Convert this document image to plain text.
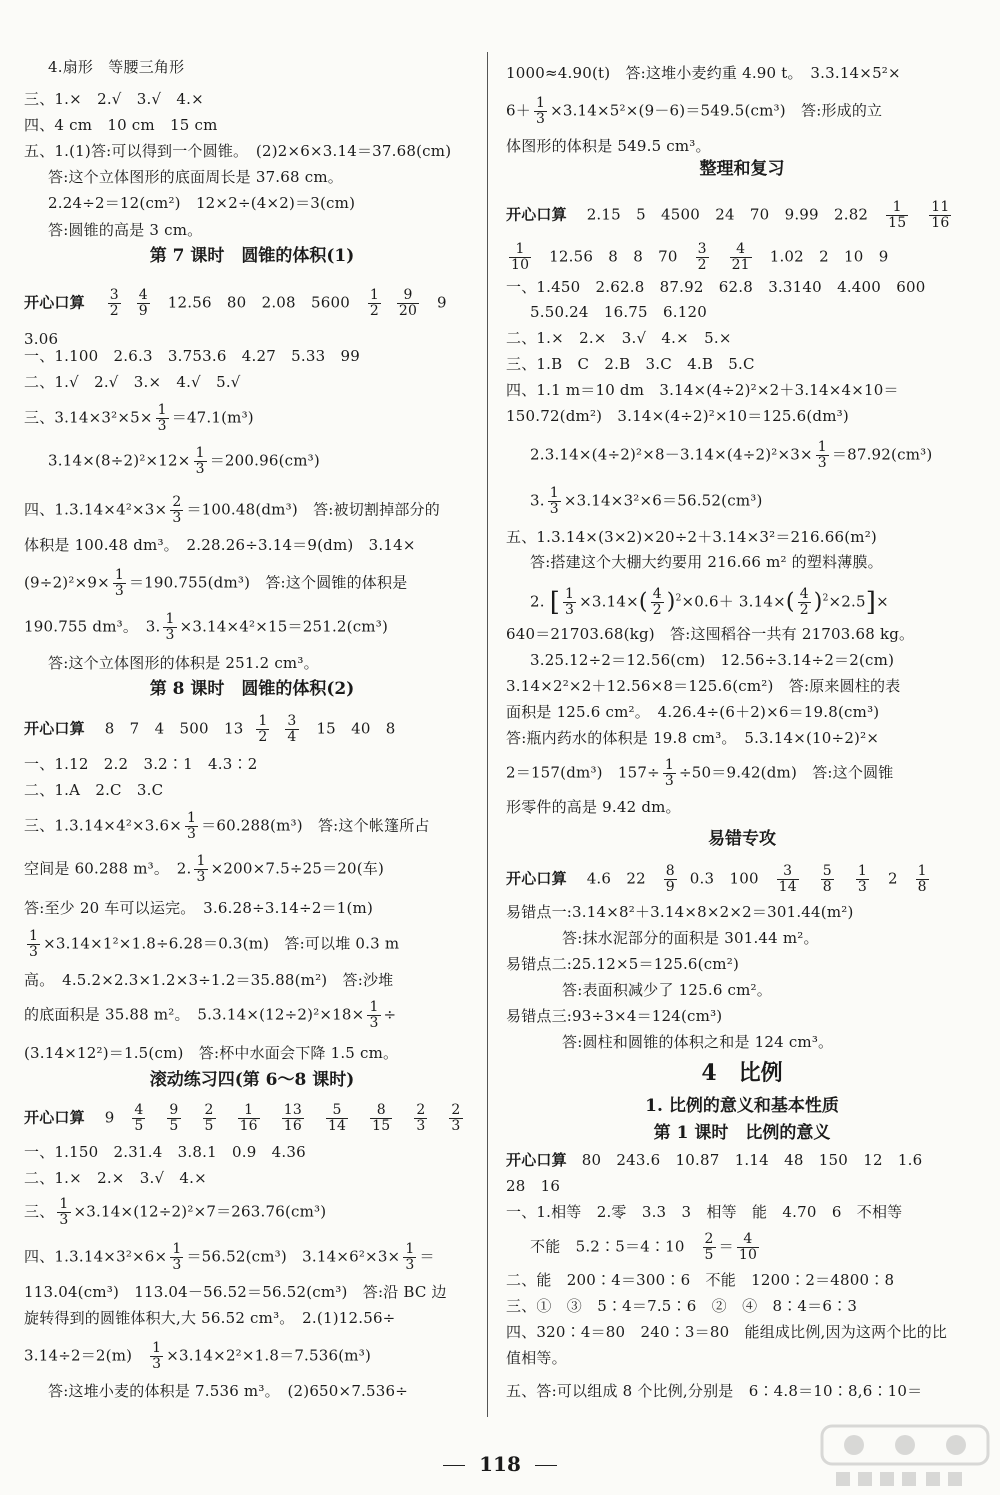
4.扇形　等腰三角形
三、1.×　2.√　3.√　4.×
四、4 cm　10 cm　15 cm
五、1.(1)答:可以得到一个圆锥。　(2)2×6×3.14＝37.68(cm)
答:这个立体图形的底面周长是 37.68 cm。
2.24÷2＝12(cm²)　12×2÷(4×2)＝3(cm)
答:圆锥的高是 3 cm。
第 7 课时　圆锥的体积(1)
开心口算 $\frac{3}{2}$
$\frac{4}{9} 12.56$　80　2.08　$5600 \frac{1}{2}$
$\frac{9}{20} 9$
3.06
一、1.100　2.6.3　3.753.6　4.27　5.33　99
二、1.√　2.√　3.×　4.√　5.√
三、$3.14\times 3^2\times 5\times \frac{1}{3} =47.1(m^3)$
$3.14\times(8\div 2)^2\times 12\times \frac{1}{3} =200.96(cm^3)$
四、$1.3.14\times 4^2\times 3\times \frac{2}{3} =100.48(dm^3)$　答:被切割掉部分的
体积是 100.48 dm³。　2.28.26÷3.14＝9(dm)　3.14×
$(9\div 2)^2\times 9\times \frac{1}{3} =190.755(dm^3)$　答:这个圆锥的体积是
190.755 dm³。　3. $\frac{1}{3} \times 3.14\times 4^2\times 15=251.2(cm^3)$
答:这个立体图形的体积是 251.2 cm³。
第 8 课时　圆锥的体积(2)
开心口算 8　7　4　500　$13 \frac{1}{2}$
$\frac{3}{4} 15$　40　8
一、1.12　2.2　3.2∶1　4.3∶2
二、1.A　2.C　3.C
三、$1.3.14\times 4^2\times 3.6\times \frac{1}{3} =60.288(m^3)$　答:这个帐篷所占
空间是 60.288 m³。　2. $\frac{1}{3} \times 200\times 7.5\div 25=20$(车)
答:至少 20 车可以运完。　3.6.28÷3.14÷2＝1(m)
$\frac{1}{3} \times 3.14\times 1^2\times 1.8\div 6.28=0.3(m)$　答:可以堆 0.3 m
高。　4.5.2×2.3×1.2×3÷1.2＝35.88(m²)　答:沙堆
的底面积是 35.88 m²。　$5.3.14\times(12\div 2)^2\times 18\times \frac{1}{3}$ ÷
(3.14×12²)＝1.5(cm)　答:杯中水面会下降 1.5 cm。
滚动练习四(第 6～8 课时)
开心口算 $9 \frac{4}{5}$
$\frac{9}{5}$
$\frac{2}{5}$
$\frac{1}{16}$
$\frac{13}{16}$
$\frac{5}{14}$
$\frac{8}{15}$
$\frac{2}{3}$
$\frac{2}{3}$
一、1.150　2.31.4　3.8.1　0.9　4.36
二、1.×　2.×　3.√　4.×
三、 $\frac{1}{3} \times 3.14\times(12\div 2)^2\times 7=263.76(cm^3)$
四、$1.3.14\times 3^2\times 6\times \frac{1}{3} =56.52(cm^3)$　$3.14\times 6^2\times 3\times \frac{1}{3}$ ＝
113.04(cm³)　113.04－56.52＝56.52(cm³)　答:沿 BC 边
旋转得到的圆锥体积大,大 56.52 cm³。　2.(1)12.56÷
$3.14\div 2=2(m) \frac{1}{3} \times 3.14\times 2^2\times 1.8=7.536(m^3)$
答:这堆小麦的体积是 7.536 m³。　(2)650×7.536÷
1000≈4.90(t)　答:这堆小麦约重 4.90 t。　3.3.14×5²×
$6+ \frac{1}{3} \times 3.14\times 5^2\times(9-6)=549.5(cm^3)$　答:形成的立
体图形的体积是 549.5 cm³。
整理和复习
开心口算 2.15　5　4500　24　70　9.99　$2.82 \frac{1}{15}$
$\frac{11}{16}$
$\frac{1}{10} 12.56$　8　8　$70 \frac{3}{2}$
$\frac{4}{21} 1.02$　2　10　9
一、1.450　2.62.8　87.92　62.8　3.3140　4.400　600
5.50.24　16.75　6.120
二、1.×　2.×　3.√　4.×　5.×
三、1.B　C　2.B　3.C　4.B　5.C
四、1.1 m＝10 dm　3.14×(4÷2)²×2＋3.14×4×10＝
150.72(dm²)　3.14×(4÷2)²×10＝125.6(dm³)
$2.3.14\times(4\div 2)^2\times 8-3.14\times(4\div 2)^2\times 3\times \frac{1}{3} =87.92(cm^3)$
3. $\frac{1}{3} \times 3.14\times 3^2\times 6=56.52(cm^3)$
五、1.3.14×(3×2)×20÷2＋3.14×3²＝216.66(m²)
答:搭建这个大棚大约要用 216.66 m² 的塑料薄膜。
2. [ $\frac{1}{3} \times 3.14\times( \frac{4}{2} )^2\times 0.6+ 3.14\times( \frac{4}{2} )^2\times 2.5]\times$
640＝21703.68(kg)　答:这囤稻谷一共有 21703.68 kg。
3.25.12÷2＝12.56(cm)　12.56÷3.14÷2＝2(cm)
3.14×2²×2＋12.56×8＝125.6(cm²)　答:原来圆柱的表
面积是 125.6 cm²。　4.26.4÷(6＋2)×6＝19.8(cm³)
答:瓶内药水的体积是 19.8 cm³。　5.3.14×(10÷2)²×
2＝157(dm³)　$157\div \frac{1}{3} \div 50=9.42(dm)$　答:这个圆锥
形零件的高是 9.42 dm。
易错专攻
开心口算 4.6　$22 \frac{8}{9} 0.3$　$100 \frac{3}{14}$
$\frac{5}{8}$
$\frac{1}{3} 2 \frac{1}{8}$
易错点一:3.14×8²＋3.14×8×2×2＝301.44(m²)
答:抹水泥部分的面积是 301.44 m²。
易错点二:25.12×5＝125.6(cm²)
答:表面积减少了 125.6 cm²。
易错点三:93÷3×4＝124(cm³)
答:圆柱和圆锥的体积之和是 124 cm³。
4　比例
1. 比例的意义和基本性质
第 1 课时　比例的意义
开心口算 80　243.6　10.87　1.14　48　150　12　1.6
28　16
一、1.相等　2.零　3.3　3　相等　能　4.70　6　不相等
不能　5.2∶5＝4∶10 $\frac{2}{5} = \frac{4}{10}$
二、能　200∶4＝300∶6　不能　1200∶2＝4800∶8
三、①　③　5∶4＝7.5∶6　②　④　8∶4＝6∶3
四、320∶4＝80　240∶3＝80　能组成比例,因为这两个比的比
值相等。
五、答:可以组成 8 个比例,分别是　6∶4.8＝10∶8,6∶10＝
118
